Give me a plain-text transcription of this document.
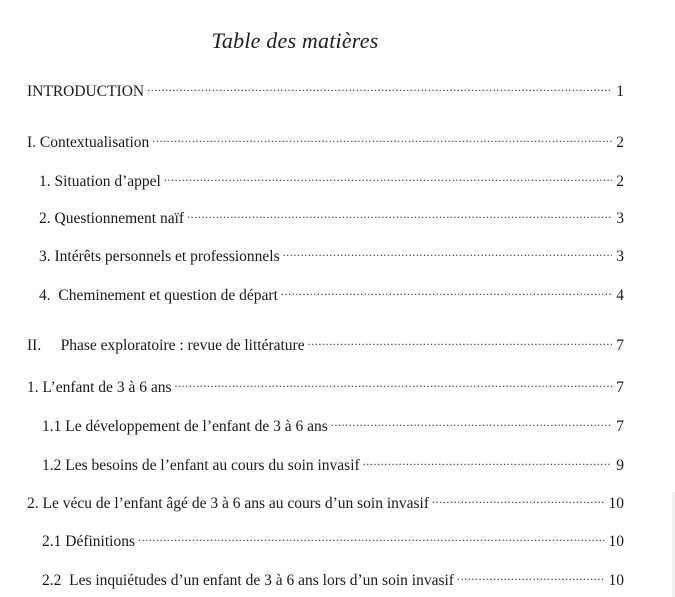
Table des matières
INTRODUCTION .....	1
I. Contextualisation .....	2
1. Situation d’appel .....	2
2. Questionnement naïf .....	3
3. Intérêts personnels et professionnels .....	3
4.  Cheminement et question de départ .....	4
II.     Phase exploratoire : revue de littérature .....	7
1. L’enfant de 3 à 6 ans .....	7
1.1 Le développement de l’enfant de 3 à 6 ans .....	7
1.2 Les besoins de l’enfant au cours du soin invasif .....	9
2. Le vécu de l’enfant âgé de 3 à 6 ans au cours d’un soin invasif .....	10
2.1 Définitions .....	10
2.2  Les inquiétudes d’un enfant de 3 à 6 ans lors d’un soin invasif .....	10
